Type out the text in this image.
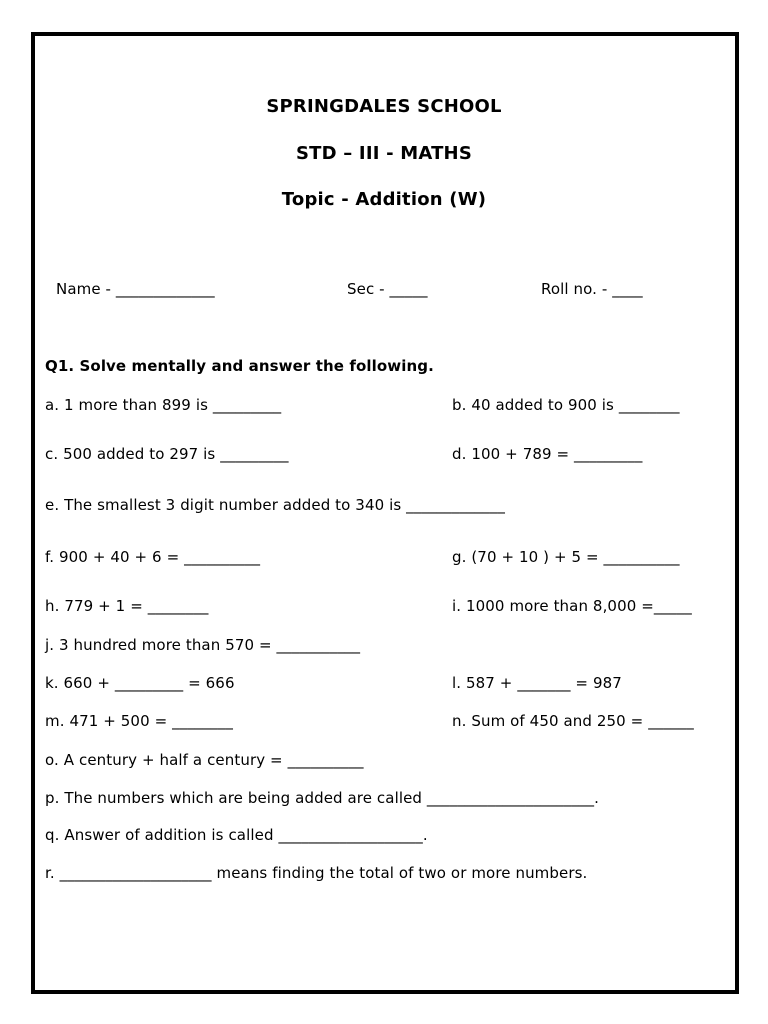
SPRINGDALES SCHOOL
STD – III - MATHS
Topic - Addition (W)
Name - _____________	Sec - _____	Roll no. - ____
Q1. Solve mentally and answer the following.
a. 1 more than 899 is _________	b. 40 added to 900 is ________
c. 500 added to 297 is _________	d. 100 + 789 = _________
e. The smallest 3 digit number added to 340 is _____________
f. 900 + 40 + 6 = __________	g. (70 + 10 ) + 5 = __________
h. 779 + 1 = ________	i. 1000 more than 8,000 =_____
j. 3 hundred more than 570 = ___________
k. 660 + _________ = 666	l. 587 + _______ = 987
m. 471 + 500 = ________	n. Sum of 450 and 250 = ______
o. A century + half a century = __________
p. The numbers which are being added are called ______________________.
q. Answer of addition is called ___________________.
r. ____________________ means finding the total of two or more numbers.
